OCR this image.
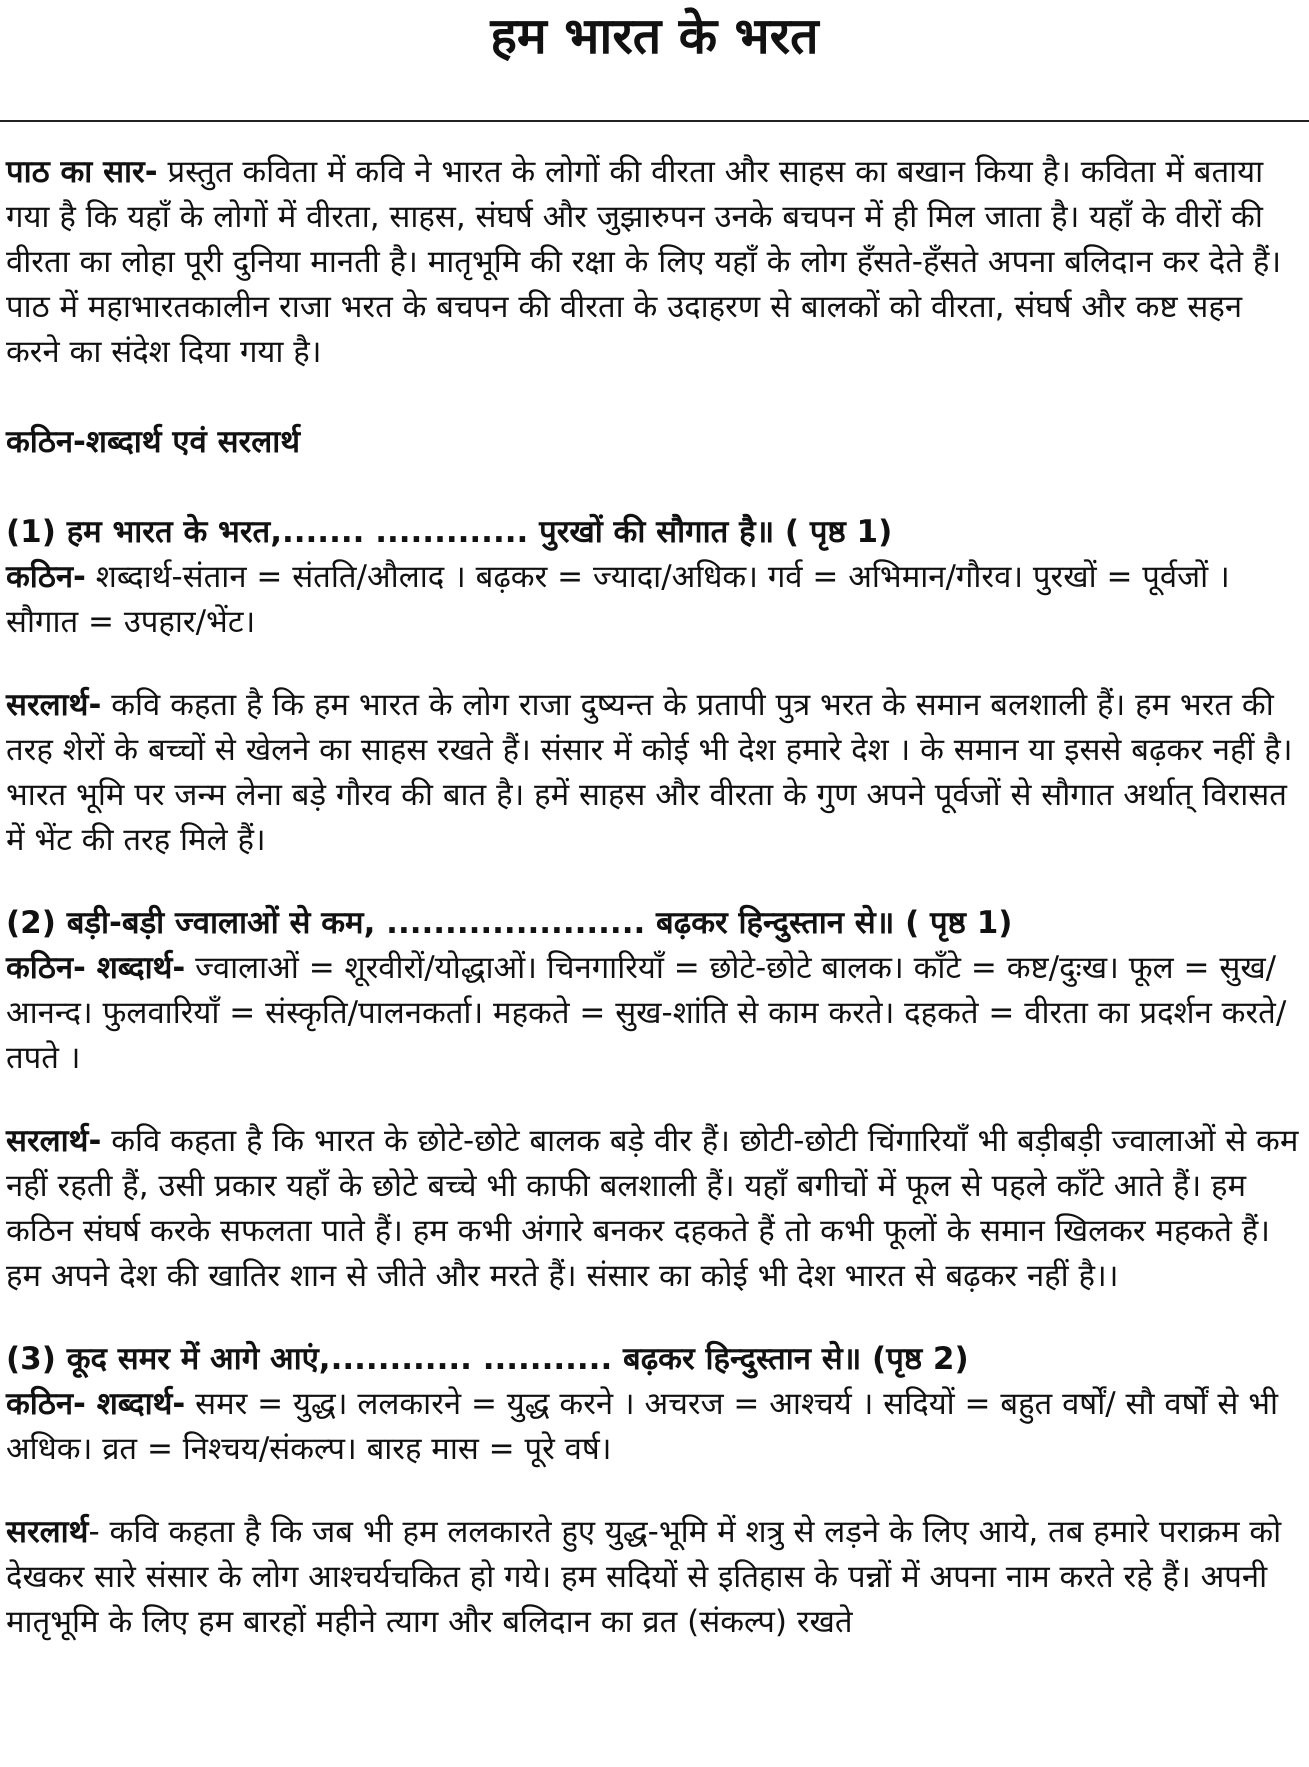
हम भारत के भरत

पाठ का सार- प्रस्तुत कविता में कवि ने भारत के लोगों की वीरता और साहस का बखान किया है। कविता में बताया गया है कि यहाँ के लोगों में वीरता, साहस, संघर्ष और जुझारुपन उनके बचपन में ही मिल जाता है। यहाँ के वीरों की वीरता का लोहा पूरी दुनिया मानती है। मातृभूमि की रक्षा के लिए यहाँ के लोग हँसते-हँसते अपना बलिदान कर देते हैं। पाठ में महाभारतकालीन राजा भरत के बचपन की वीरता के उदाहरण से बालकों को वीरता, संघर्ष और कष्ट सहन करने का संदेश दिया गया है।

कठिन-शब्दार्थ एवं सरलार्थ

(1) हम भारत के भरत,....... ............. पुरखों की सौगात है॥ ( पृष्ठ 1)

कठिन- शब्दार्थ-संतान = संतति/औलाद । बढ़कर = ज्यादा/अधिक। गर्व = अभिमान/गौरव। पुरखों = पूर्वजों । सौगात = उपहार/भेंट।

सरलार्थ- कवि कहता है कि हम भारत के लोग राजा दुष्यन्त के प्रतापी पुत्र भरत के समान बलशाली हैं। हम भरत की तरह शेरों के बच्चों से खेलने का साहस रखते हैं। संसार में कोई भी देश हमारे देश । के समान या इससे बढ़कर नहीं है। भारत भूमि पर जन्म लेना बड़े गौरव की बात है। हमें साहस और वीरता के गुण अपने पूर्वजों से सौगात अर्थात् विरासत में भेंट की तरह मिले हैं।

(2) बड़ी-बड़ी ज्वालाओं से कम, ...................... बढ़कर हिन्दुस्तान से॥ ( पृष्ठ 1)

कठिन- शब्दार्थ- ज्वालाओं = शूरवीरों/योद्धाओं। चिनगारियाँ = छोटे-छोटे बालक। काँटे = कष्ट/दुःख। फूल = सुख/आनन्द। फुलवारियाँ = संस्कृति/पालनकर्ता। महकते = सुख-शांति से काम करते। दहकते = वीरता का प्रदर्शन करते/तपते ।

सरलार्थ- कवि कहता है कि भारत के छोटे-छोटे बालक बड़े वीर हैं। छोटी-छोटी चिंगारियाँ भी बड़ीबड़ी ज्वालाओं से कम नहीं रहती हैं, उसी प्रकार यहाँ के छोटे बच्चे भी काफी बलशाली हैं। यहाँ बगीचों में फूल से पहले काँटे आते हैं। हम कठिन संघर्ष करके सफलता पाते हैं। हम कभी अंगारे बनकर दहकते हैं तो कभी फूलों के समान खिलकर महकते हैं। हम अपने देश की खातिर शान से जीते और मरते हैं। संसार का कोई भी देश भारत से बढ़कर नहीं है।।

(3) कूद समर में आगे आएं,............ ........... बढ़कर हिन्दुस्तान से॥ (पृष्ठ 2)

कठिन- शब्दार्थ- समर = युद्ध। ललकारने = युद्ध करने । अचरज = आश्चर्य । सदियों = बहुत वर्षों/ सौ वर्षों से भी अधिक। व्रत = निश्चय/संकल्प। बारह मास = पूरे वर्ष।

सरलार्थ- कवि कहता है कि जब भी हम ललकारते हुए युद्ध-भूमि में शत्रु से लड़ने के लिए आये, तब हमारे पराक्रम को देखकर सारे संसार के लोग आश्चर्यचकित हो गये। हम सदियों से इतिहास के पन्नों में अपना नाम करते रहे हैं। अपनी मातृभूमि के लिए हम बारहों महीने त्याग और बलिदान का व्रत (संकल्प) रखते
